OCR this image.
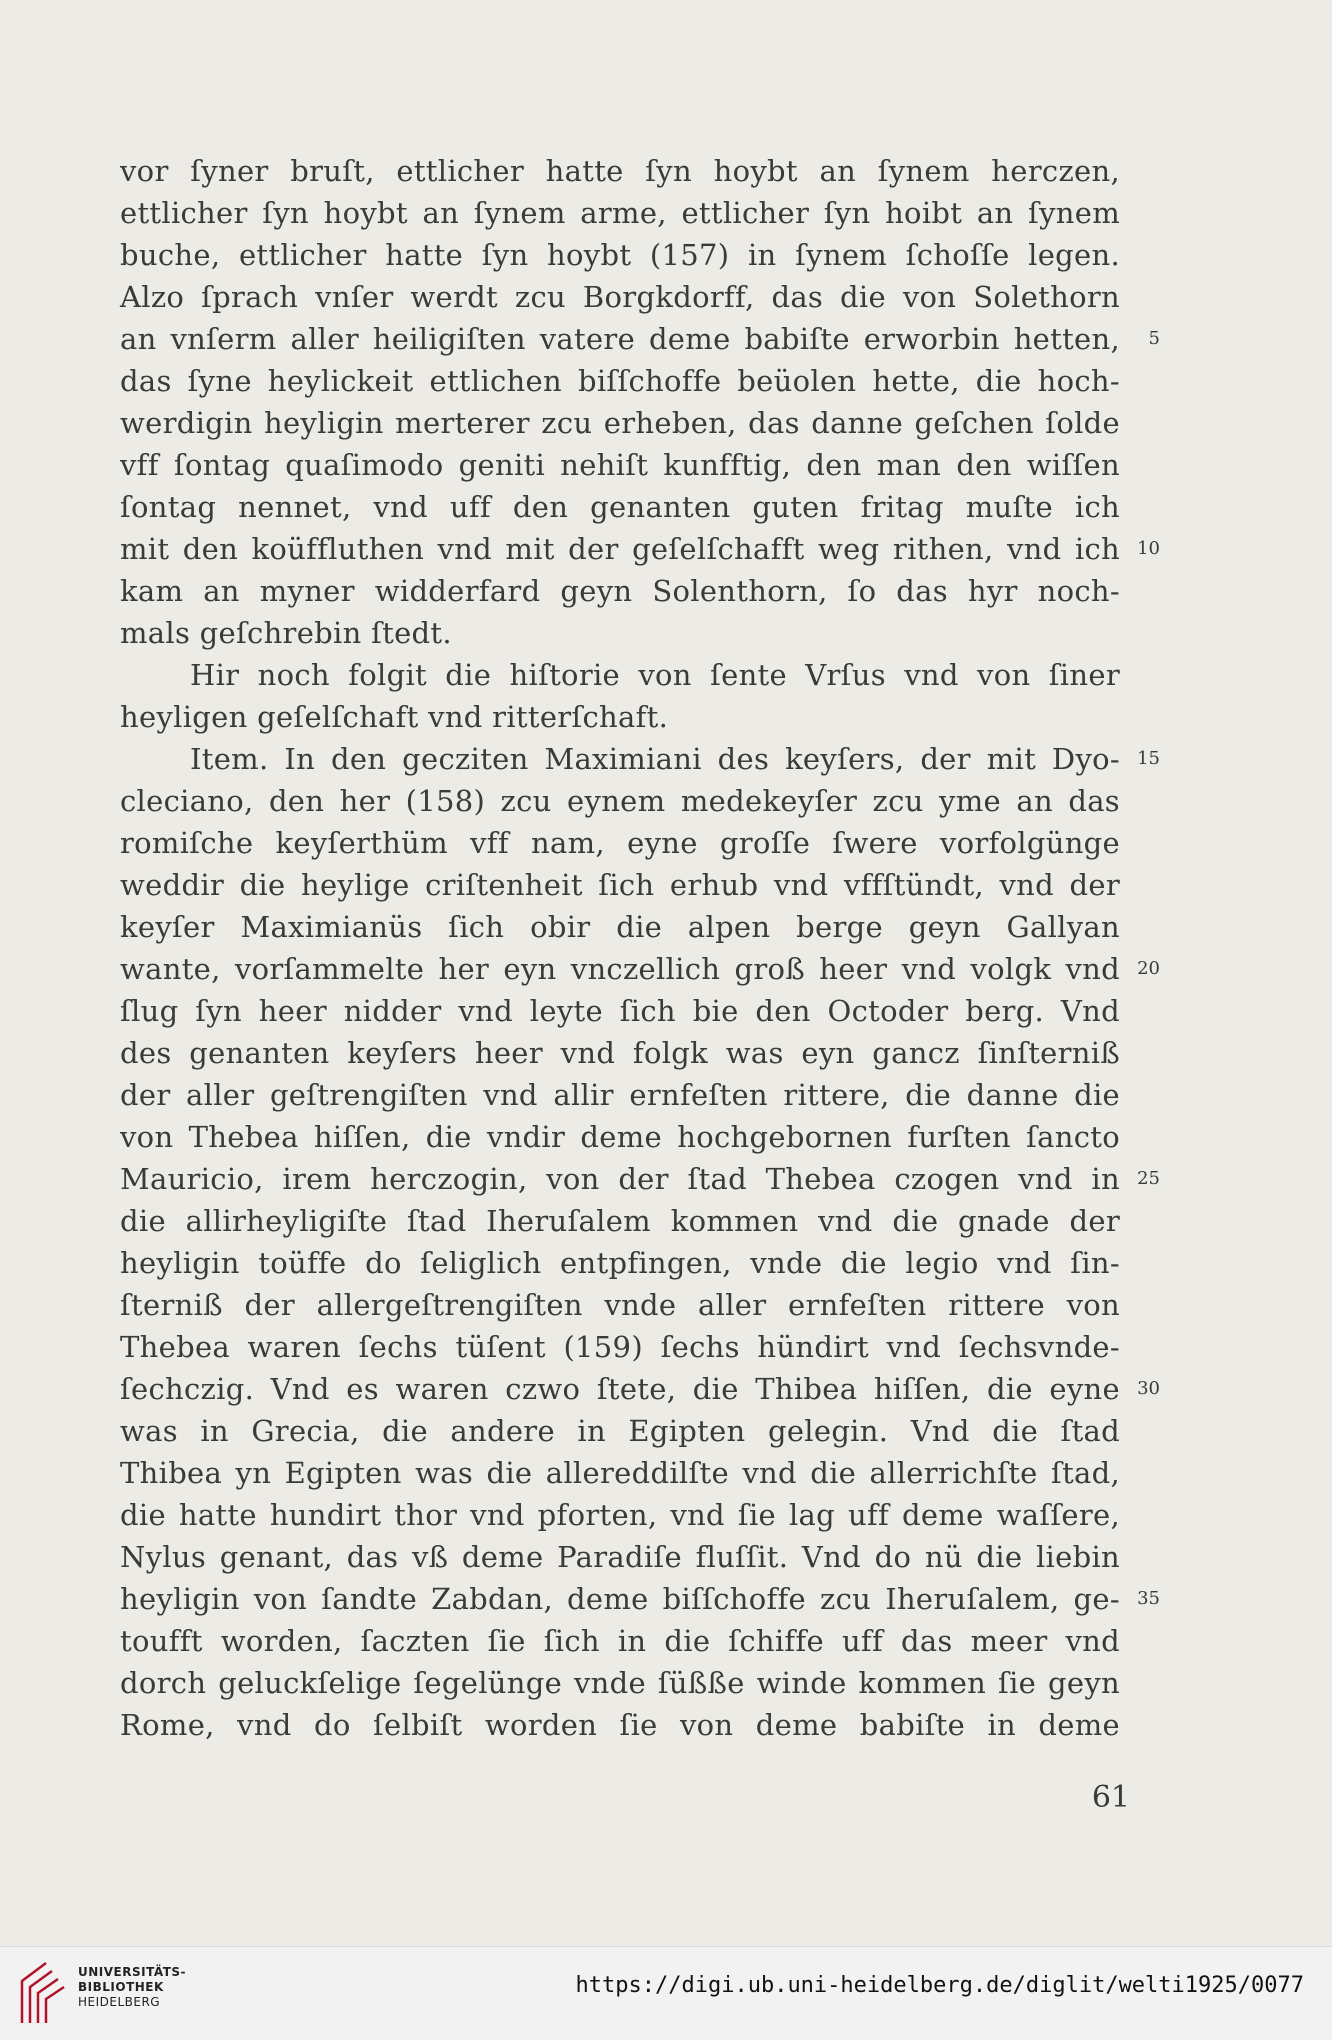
vor ſyner bruſt, ettlicher hatte ſyn hoybt an ſynem herczen,
ettlicher ſyn hoybt an ſynem arme, ettlicher ſyn hoibt an ſynem
buche, ettlicher hatte ſyn hoybt (157) in ſynem ſchoſſe legen.
Alzo ſprach vnſer werdt zcu Borgkdorff, das die von Solethorn
an vnſerm aller heiligiſten vatere deme babiſte erworbin hetten, 5
das ſyne heylickeit ettlichen biſſchoffe beüolen hette, die hoch-
werdigin heyligin merterer zcu erheben, das danne geſchen ſolde
vff ſontag quaſimodo geniti nehiſt kunfftig, den man den wiſſen
ſontag nennet, vnd uff den genanten guten fritag muſte ich
mit den koüffluthen vnd mit der geſelſchafft weg rithen, vnd ich 10
kam an myner widderfard geyn Solenthorn, ſo das hyr noch-
mals geſchrebin ſtedt.
Hir noch folgit die hiſtorie von ſente Vrſus vnd von ſiner
heyligen geſelſchaft vnd ritterſchaft.
Item. In den gecziten Maximiani des keyſers, der mit Dyo- 15
cleciano, den her (158) zcu eynem medekeyſer zcu yme an das
romiſche keyſerthüm vff nam, eyne groſſe ſwere vorfolgünge
weddir die heylige criſtenheit ſich erhub vnd vffſtündt, vnd der
keyſer Maximianüs ſich obir die alpen berge geyn Gallyan
wante, vorſammelte her eyn vnczellich groß heer vnd volgk vnd 20
ſlug ſyn heer nidder vnd leyte ſich bie den Octoder berg. Vnd
des genanten keyſers heer vnd folgk was eyn gancz ſinſterniß
der aller geſtrengiſten vnd allir ernfeſten rittere, die danne die
von Thebea hiſſen, die vndir deme hochgebornen furſten ſancto
Mauricio, irem herczogin, von der ſtad Thebea czogen vnd in 25
die allirheyligiſte ſtad Iheruſalem kommen vnd die gnade der
heyligin toüffe do ſeliglich entpfingen, vnde die legio vnd ſin-
ſterniß der allergeſtrengiſten vnde aller ernfeſten rittere von
Thebea waren ſechs tüſent (159) ſechs hündirt vnd ſechsvnde-
ſechczig. Vnd es waren czwo ſtete, die Thibea hiſſen, die eyne 30
was in Grecia, die andere in Egipten gelegin. Vnd die ſtad
Thibea yn Egipten was die allereddilſte vnd die allerrichſte ſtad,
die hatte hundirt thor vnd pforten, vnd ſie lag uff deme waſſere,
Nylus genant, das vß deme Paradiſe fluſſit. Vnd do nü die liebin
heyligin von ſandte Zabdan, deme biſſchoffe zcu Iheruſalem, ge- 35
toufft worden, ſaczten ſie ſich in die ſchiffe uff das meer vnd
dorch geluckſelige ſegelünge vnde ſüßße winde kommen ſie geyn
Rome, vnd do ſelbiſt worden ſie von deme babiſte in deme
61
UNIVERSITÄTS-
BIBLIOTHEK
HEIDELBERG
https://digi.ub.uni-heidelberg.de/diglit/welti1925/0077
